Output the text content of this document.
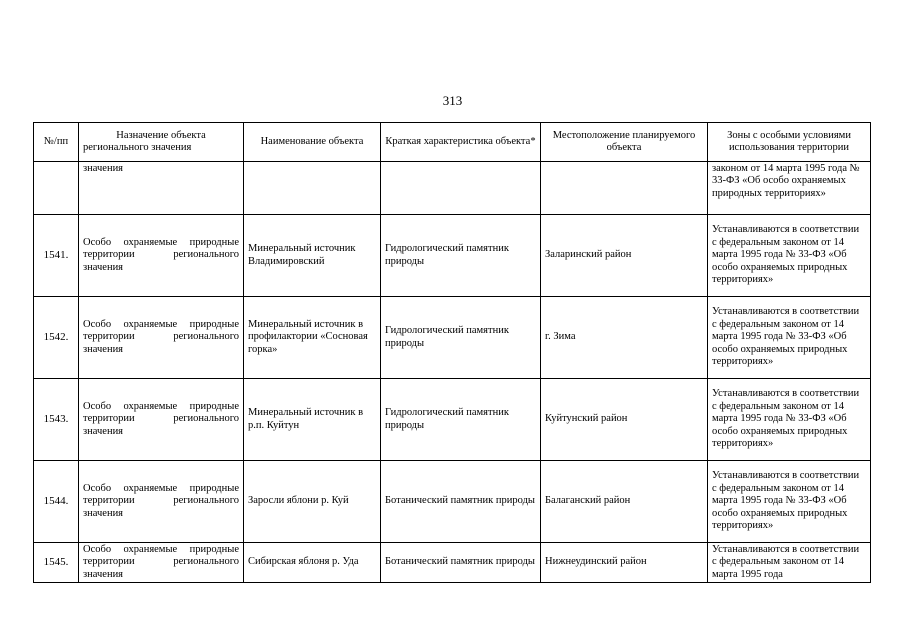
313
№/пп	Назначение объекта регионального значения	Наименование объекта	Краткая характеристика объекта*	Местоположение планируемого объекта	Зоны с особыми условиями использования территории
	значения				законом от 14 марта 1995 года № 33-ФЗ «Об особо охраняемых природных территориях»
1541.	Особо охраняемые природные территории регионального значения	Минеральный источник Владимировский	Гидрологический памятник природы	Заларинский район	Устанавливаются в соответствии с федеральным законом от 14 марта 1995 года № 33-ФЗ «Об особо охраняемых природных территориях»
1542.	Особо охраняемые природные территории регионального значения	Минеральный источник в профилактории «Сосновая горка»	Гидрологический памятник природы	г. Зима	Устанавливаются в соответствии с федеральным законом от 14 марта 1995 года № 33-ФЗ «Об особо охраняемых природных территориях»
1543.	Особо охраняемые природные территории регионального значения	Минеральный источник в р.п. Куйтун	Гидрологический памятник природы	Куйтунский район	Устанавливаются в соответствии с федеральным законом от 14 марта 1995 года № 33-ФЗ «Об особо охраняемых природных территориях»
1544.	Особо охраняемые природные территории регионального значения	Заросли яблони р. Куй	Ботанический памятник природы	Балаганский район	Устанавливаются в соответствии с федеральным законом от 14 марта 1995 года № 33-ФЗ «Об особо охраняемых природных территориях»
1545.	Особо охраняемые природные территории регионального значения	Сибирская яблоня р. Уда	Ботанический памятник природы	Нижнеудинский район	Устанавливаются в соответствии с федеральным законом от 14 марта 1995 года
